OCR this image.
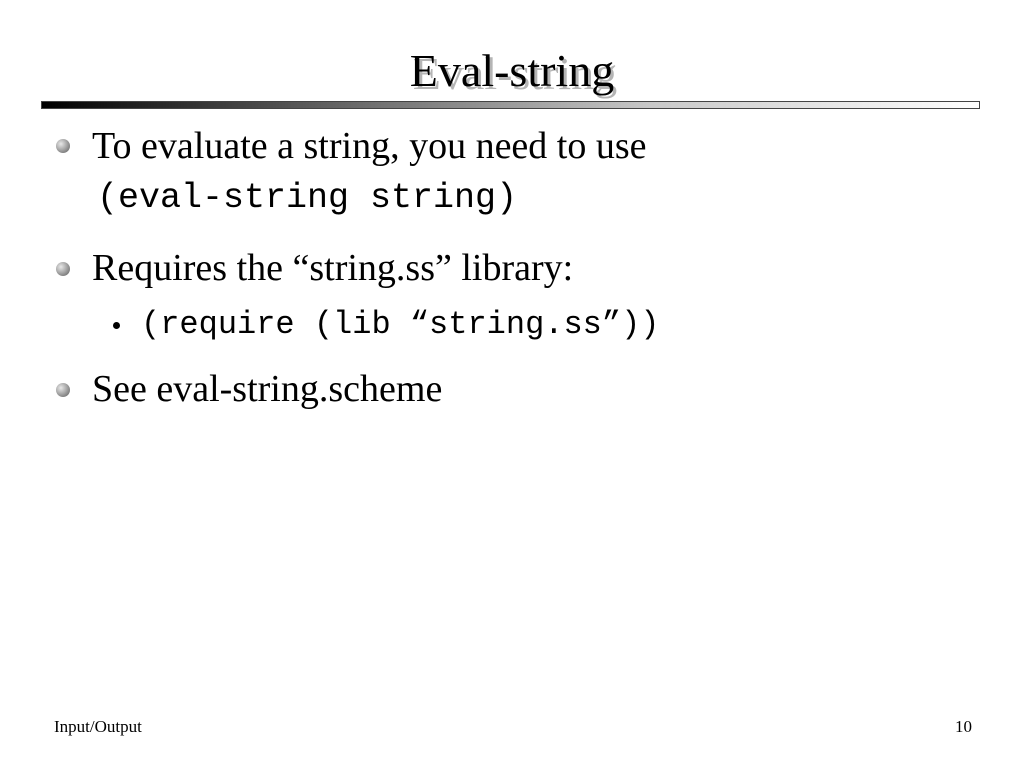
Eval-string
To evaluate a string, you need to use
(eval-string string)
Requires the “string.ss” library:
(require (lib “string.ss”))
See eval-string.scheme
Input/Output	10
